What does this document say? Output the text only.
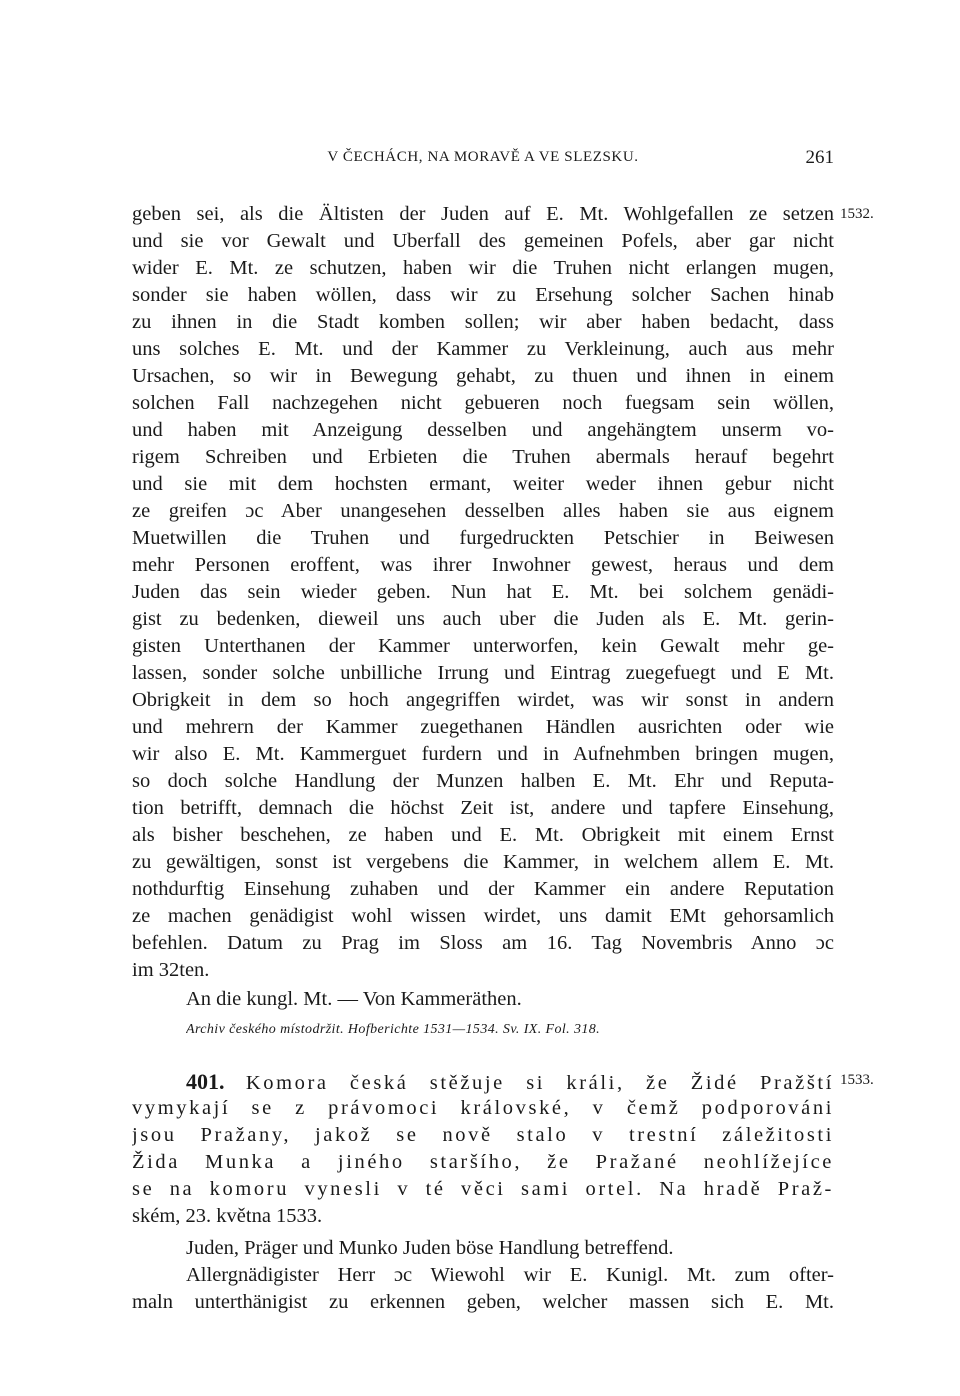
V ČECHÁCH, NA MORAVĚ A VE SLEZSKU.	261
1532.
1533.
geben sei, als die Ältisten der Juden auf E. Mt. Wohlgefallen ze setzen
und sie vor Gewalt und Uberfall des gemeinen Pofels, aber gar nicht
wider E. Mt. ze schutzen, haben wir die Truhen nicht erlangen mugen,
sonder sie haben wöllen, dass wir zu Ersehung solcher Sachen hinab
zu ihnen in die Stadt komben sollen; wir aber haben bedacht, dass
uns solches E. Mt. und der Kammer zu Verkleinung, auch aus mehr
Ursachen, so wir in Bewegung gehabt, zu thuen und ihnen in einem
solchen Fall nachzegehen nicht gebueren noch fuegsam sein wöllen,
und haben mit Anzeigung desselben und angehängtem unserm vo-
rigem Schreiben und Erbieten die Truhen abermals herauf begehrt
und sie mit dem hochsten ermant, weiter weder ihnen gebur nicht
ze greifen ɔc Aber unangesehen desselben alles haben sie aus eignem
Muetwillen die Truhen und furgedruckten Petschier in Beiwesen
mehr Personen eroffent, was ihrer Inwohner gewest, heraus und dem
Juden das sein wieder geben. Nun hat E. Mt. bei solchem genädi-
gist zu bedenken, dieweil uns auch uber die Juden als E. Mt. gerin-
gisten Unterthanen der Kammer unterworfen, kein Gewalt mehr ge-
lassen, sonder solche unbilliche Irrung und Eintrag zuegefuegt und E Mt.
Obrigkeit in dem so hoch angegriffen wirdet, was wir sonst in andern
und mehrern der Kammer zuegethanen Händlen ausrichten oder wie
wir also E. Mt. Kammerguet furdern und in Aufnehmben bringen mugen,
so doch solche Handlung der Munzen halben E. Mt. Ehr und Reputa-
tion betrifft, demnach die höchst Zeit ist, andere und tapfere Einsehung,
als bisher beschehen, ze haben und E. Mt. Obrigkeit mit einem Ernst
zu gewältigen, sonst ist vergebens die Kammer, in welchem allem E. Mt.
nothdurftig Einsehung zuhaben und der Kammer ein andere Reputation
ze machen genädigist wohl wissen wirdet, uns damit EMt gehorsamlich
befehlen. Datum zu Prag im Sloss am 16. Tag Novembris Anno ɔc
im 32ten.
An die kungl. Mt. — Von Kammeräthen.
Archiv českého místodržit. Hofberichte 1531—1534. Sv. IX. Fol. 318.
401. Komora česká stěžuje si králi, že Židé Pražští
vymykají se z právomoci královské, v čemž podporováni
jsou Pražany, jakož se nově stalo v trestní záležitosti
Žida Munka a jiného staršího, že Pražané neohlížejíce
se na komoru vynesli v té věci sami ortel. Na hradě Praž-
ském, 23. května 1533.
Juden, Präger und Munko Juden böse Handlung betreffend.
Allergnädigister Herr ɔc Wiewohl wir E. Kunigl. Mt. zum ofter-
maln unterthänigist zu erkennen geben, welcher massen sich E. Mt.
